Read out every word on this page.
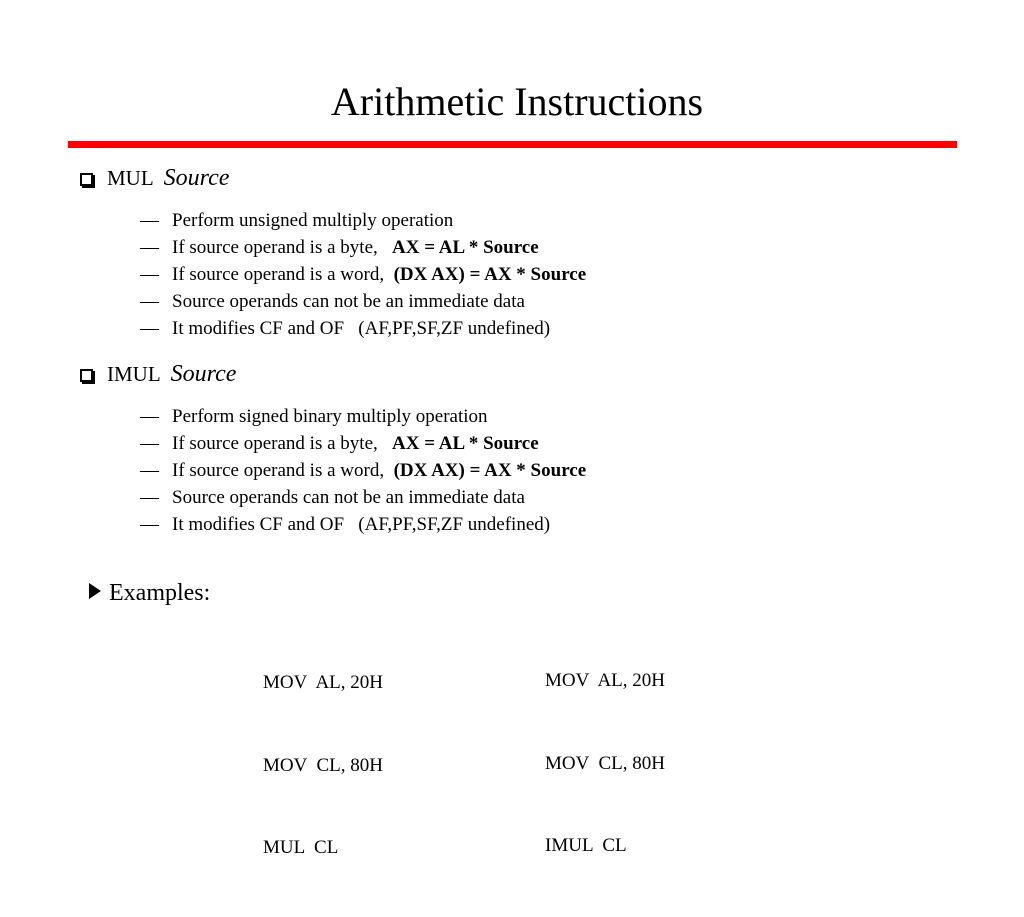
Arithmetic Instructions
MUL Source
— Perform unsigned multiply operation
— If source operand is a byte,   AX = AL * Source
— If source operand is a word,  (DX AX) = AX * Source
— Source operands can not be an immediate data
— It modifies CF and OF   (AF,PF,SF,ZF undefined)
IMUL Source
— Perform signed binary multiply operation
— If source operand is a byte,   AX = AL * Source
— If source operand is a word,  (DX AX) = AX * Source
— Source operands can not be an immediate data
— It modifies CF and OF   (AF,PF,SF,ZF undefined)
Examples:

MOV  AL, 20H

MOV  CL, 80H

MUL  CL

MOV  AL, 20H

MOV  CL, 80H

IMUL  CL
